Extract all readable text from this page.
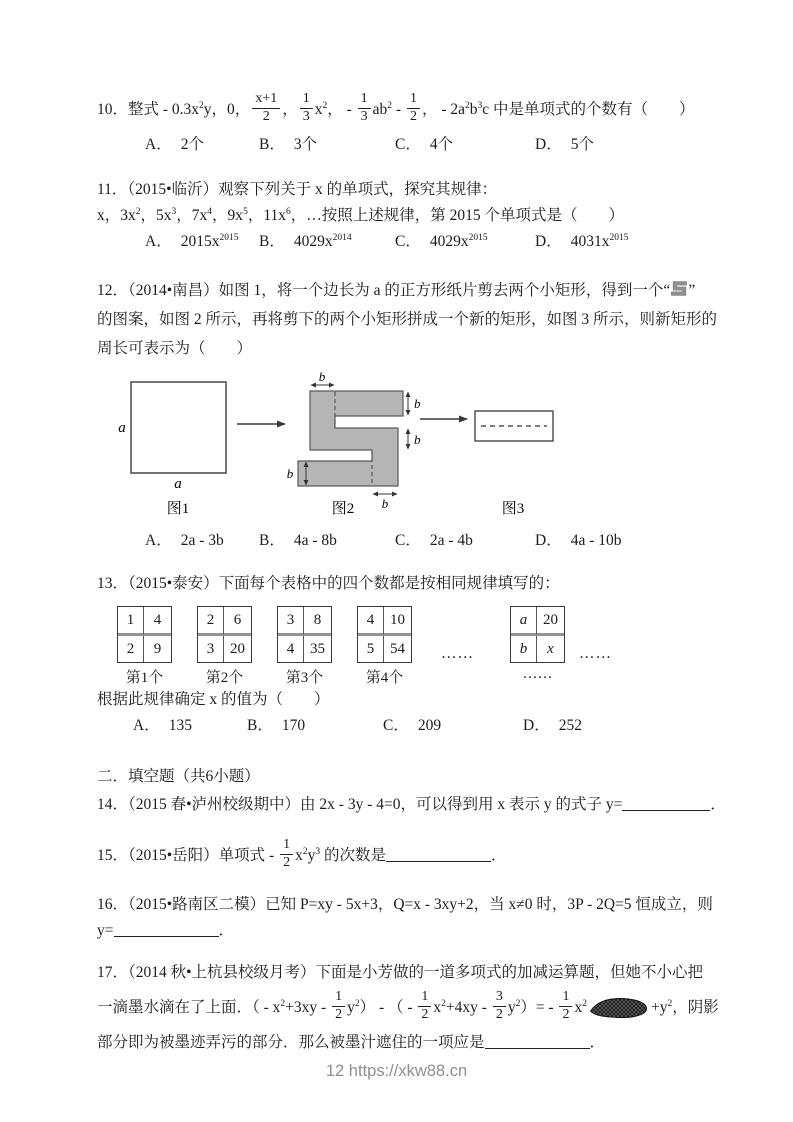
10．整式 - $0.3x^2y$，0， $\frac{x+1}{2}$ ， $\frac{1}{3} x^2$， - $\frac{1}{3} ab^2 - \frac{1}{2}$ ， - $2a^2b^3c$ 中是单项式的个数有（　　）
A． 2个	B． 3个	C． 4个	D． 5个
11．（2015•临沂）观察下列关于 x 的单项式，探究其规律：
x，$3x^2$，$5x^3$，$7x^4$，$9x^5$，$11x^6$，…按照上述规律，第 2015 个单项式是（　　）
A． $2015x^{2015}$	B． $4029x^{2014}$	C． $4029x^{2015}$	D． $4031x^{2015}$
12．（2014•南昌）如图 1，将一个边长为 a 的正方形纸片剪去两个小矩形，得到一个“ ”
的图案，如图 2 所示，再将剪下的两个小矩形拼成一个新的矩形，如图 3 所示，则新矩形的
周长可表示为（　　）
a
a
图1
b
b
b
b
b
图2	图3
A． 2a - 3b	B． 4a - 8b	C． 2a - 4b	D． 4a - 10b
13．（2015•泰安）下面每个表格中的四个数都是按相同规律填写的：
1	4
2	9
第1个
2	6
3	20
第2个
3	8
4	35
第3个
4	10
5	54
第4个
……
a	20
b	x
……
……
根据此规律确定 x 的值为（　　）
A． 135	B． 170	C． 209	D． 252
二．填空题（共6小题）
14．（2015 春•泸州校级期中）由 2x - 3y - 4=0，可以得到用 x 表示 y 的式子 y=	．
15．（2015•岳阳）单项式 - $\frac{1}{2} x^2y^3$ 的次数是	．
16．（2015•路南区二模）已知 P=xy - 5x+3，Q=x - 3xy+2，当 x≠0 时，3P - 2Q=5 恒成立，则
y=	．
17．（2014 秋•上杭县校级月考）下面是小芳做的一道多项式的加减运算题，但她不小心把
一滴墨水滴在了上面．（ - $x^2+3xy - \frac{1}{2} y^2$） - （ - $\frac{1}{2} x^2+4xy - \frac{3}{2} y^2)= - \frac{1}{2} x^2$	$+y^2$，阴影
部分即为被墨迹弄污的部分．那么被墨汁遮住的一项应是	．
12 https://xkw88.cn
